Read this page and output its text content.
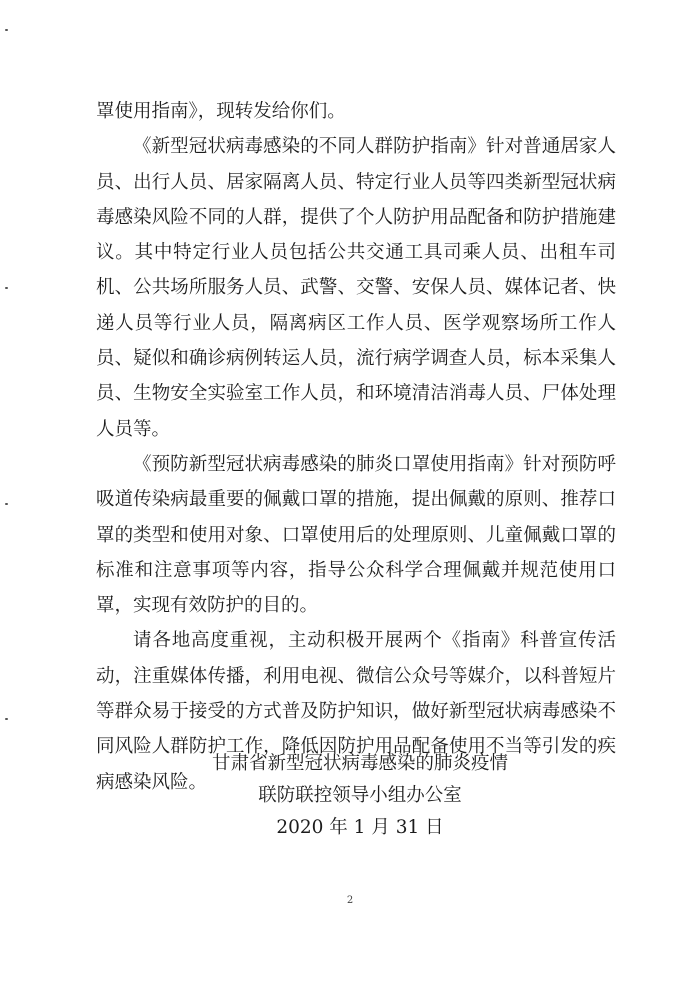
罩使用指南》，现转发给你们。

《新型冠状病毒感染的不同人群防护指南》针对普通居家人员、出行人员、居家隔离人员、特定行业人员等四类新型冠状病毒感染风险不同的人群，提供了个人防护用品配备和防护措施建议。其中特定行业人员包括公共交通工具司乘人员、出租车司机、公共场所服务人员、武警、交警、安保人员、媒体记者、快递人员等行业人员，隔离病区工作人员、医学观察场所工作人员、疑似和确诊病例转运人员，流行病学调查人员，标本采集人员、生物安全实验室工作人员，和环境清洁消毒人员、尸体处理人员等。

《预防新型冠状病毒感染的肺炎口罩使用指南》针对预防呼吸道传染病最重要的佩戴口罩的措施，提出佩戴的原则、推荐口罩的类型和使用对象、口罩使用后的处理原则、儿童佩戴口罩的标准和注意事项等内容，指导公众科学合理佩戴并规范使用口罩，实现有效防护的目的。

请各地高度重视，主动积极开展两个《指南》科普宣传活动，注重媒体传播，利用电视、微信公众号等媒介，以科普短片等群众易于接受的方式普及防护知识，做好新型冠状病毒感染不同风险人群防护工作，降低因防护用品配备使用不当等引发的疾病感染风险。

甘肃省新型冠状病毒感染的肺炎疫情
联防联控领导小组办公室
2020 年 1 月 31 日
2
